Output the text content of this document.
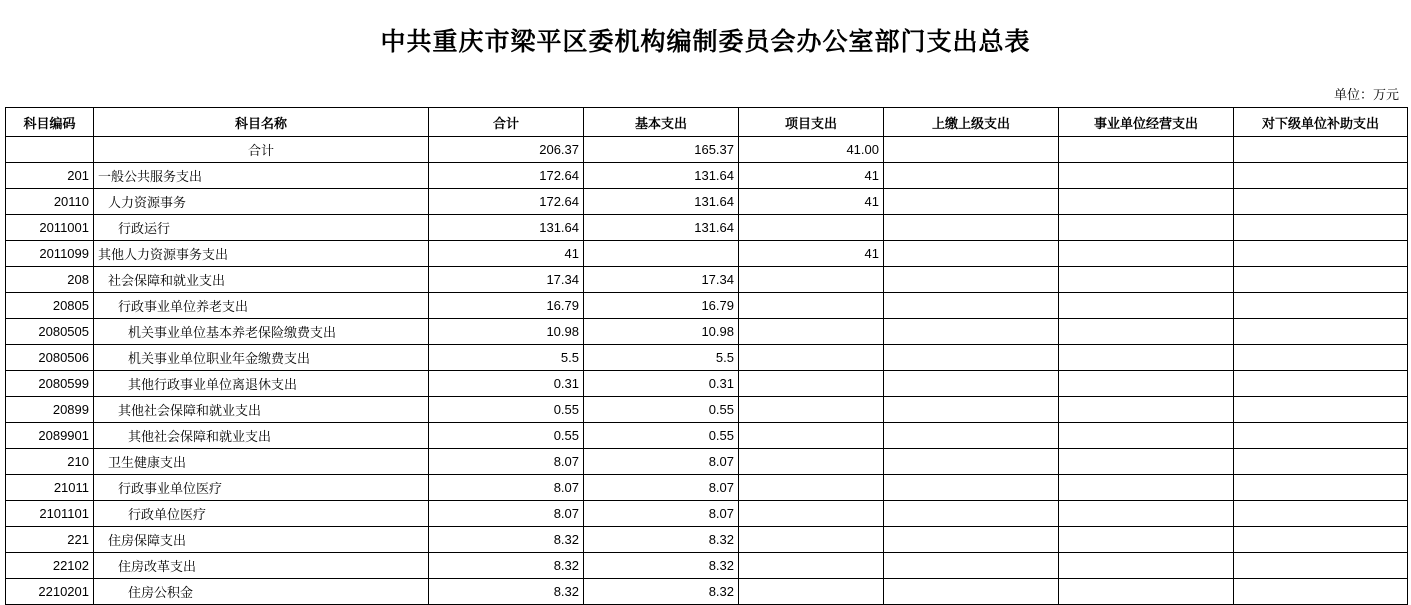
中共重庆市梁平区委机构编制委员会办公室部门支出总表
单位：万元
科目编码	科目名称	合计	基本支出	项目支出	上缴上级支出	事业单位经营支出	对下级单位补助支出
	合计	206.37	165.37	41.00			
201	一般公共服务支出	172.64	131.64	41			
20110	人力资源事务	172.64	131.64	41			
2011001	行政运行	131.64	131.64				
2011099	其他人力资源事务支出	41		41			
208	社会保障和就业支出	17.34	17.34				
20805	行政事业单位养老支出	16.79	16.79				
2080505	机关事业单位基本养老保险缴费支出	10.98	10.98				
2080506	机关事业单位职业年金缴费支出	5.5	5.5				
2080599	其他行政事业单位离退休支出	0.31	0.31				
20899	其他社会保障和就业支出	0.55	0.55				
2089901	其他社会保障和就业支出	0.55	0.55				
210	卫生健康支出	8.07	8.07				
21011	行政事业单位医疗	8.07	8.07				
2101101	行政单位医疗	8.07	8.07				
221	住房保障支出	8.32	8.32				
22102	住房改革支出	8.32	8.32				
2210201	住房公积金	8.32	8.32				
